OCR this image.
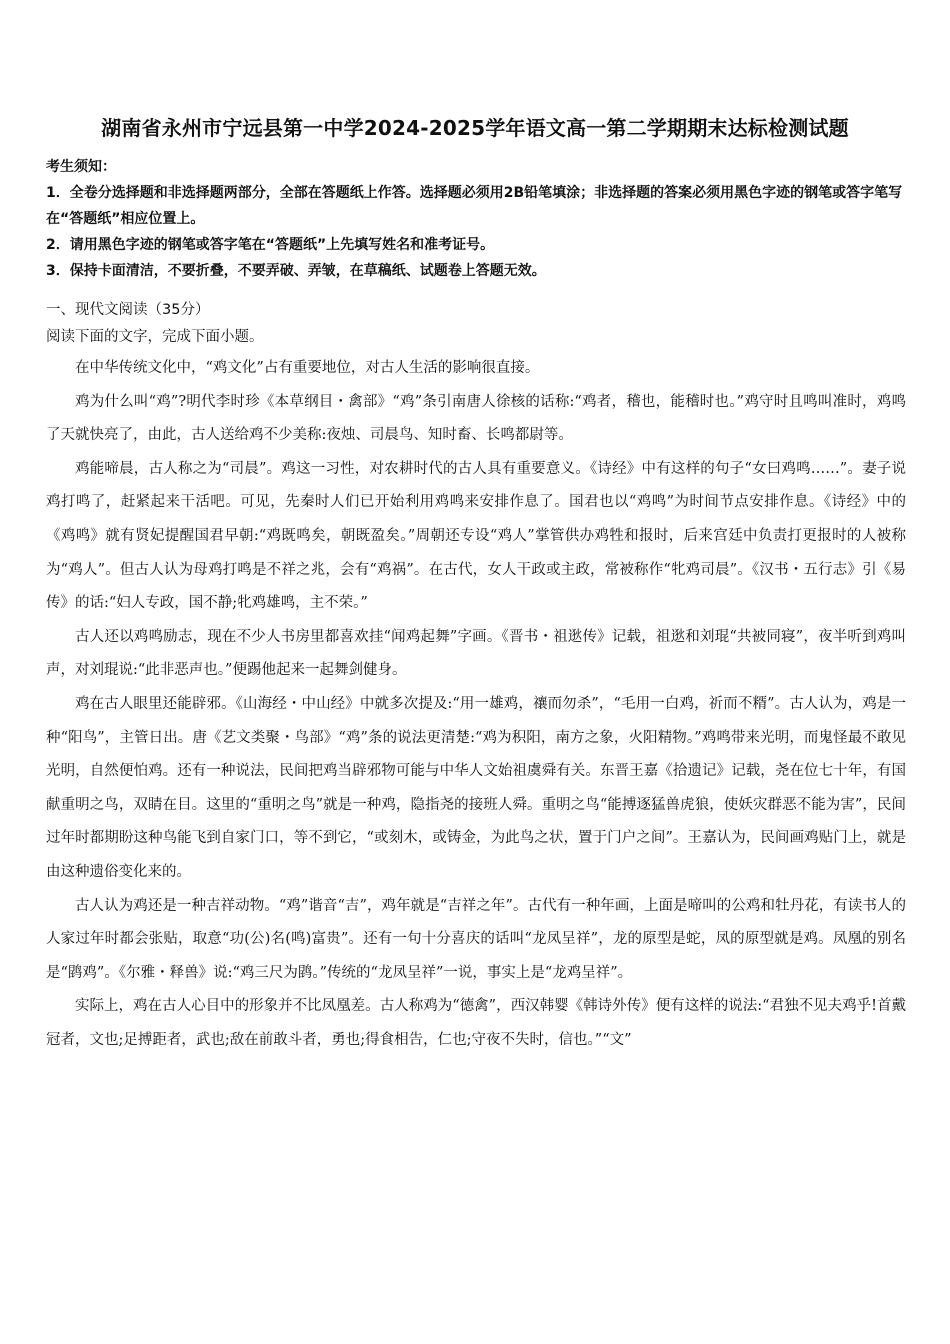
湖南省永州市宁远县第一中学2024-2025学年语文高一第二学期期末达标检测试题
考生须知：
1．全卷分选择题和非选择题两部分，全部在答题纸上作答。选择题必须用2B铅笔填涂；非选择题的答案必须用黑色字迹的钢笔或答字笔写在“答题纸”相应位置上。
2．请用黑色字迹的钢笔或答字笔在“答题纸”上先填写姓名和准考证号。
3．保持卡面清洁，不要折叠，不要弄破、弄皱，在草稿纸、试题卷上答题无效。
一、现代文阅读（35分）
阅读下面的文字，完成下面小题。

在中华传统文化中，“鸡文化”占有重要地位，对古人生活的影响很直接。

鸡为什么叫“鸡”?明代李时珍《本草纲目・禽部》“鸡”条引南唐人徐核的话称:“鸡者，稽也，能稽时也。”鸡守时且鸣叫准时，鸡鸣了天就快亮了，由此，古人送给鸡不少美称:夜烛、司晨鸟、知时畜、长鸣都尉等。

鸡能啼晨，古人称之为“司晨”。鸡这一习性，对农耕时代的古人具有重要意义。《诗经》中有这样的句子“女曰鸡鸣……”。妻子说鸡打鸣了，赶紧起来干活吧。可见，先秦时人们已开始利用鸡鸣来安排作息了。国君也以“鸡鸣”为时间节点安排作息。《诗经》中的《鸡鸣》就有贤妃提醒国君早朝:“鸡既鸣矣，朝既盈矣。”周朝还专设“鸡人”掌管供办鸡牲和报时，后来宫廷中负责打更报时的人被称为“鸡人”。但古人认为母鸡打鸣是不祥之兆，会有“鸡祸”。在古代，女人干政或主政，常被称作“牝鸡司晨”。《汉书・五行志》引《易传》的话:“妇人专政，国不静;牝鸡雄鸣，主不荣。”

古人还以鸡鸣励志，现在不少人书房里都喜欢挂“闻鸡起舞”字画。《晋书・祖逖传》记载，祖逖和刘琨“共被同寝”，夜半听到鸡叫声，对刘琨说:“此非恶声也。”便踢他起来一起舞剑健身。

鸡在古人眼里还能辟邪。《山海经・中山经》中就多次提及:“用一雄鸡，禳而勿杀”，“毛用一白鸡，祈而不糈”。古人认为，鸡是一种“阳鸟”，主管日出。唐《艺文类聚・鸟部》“鸡”条的说法更清楚:“鸡为积阳，南方之象，火阳精物。”鸡鸣带来光明，而鬼怪最不敢见光明，自然便怕鸡。还有一种说法，民间把鸡当辟邪物可能与中华人文始祖虞舜有关。东晋王嘉《拾遗记》记载，尧在位七十年，有国献重明之鸟，双睛在目。这里的“重明之鸟”就是一种鸡，隐指尧的接班人舜。重明之鸟“能搏逐猛兽虎狼，使妖灾群恶不能为害”，民间过年时都期盼这种鸟能飞到自家门口，等不到它，“或刻木，或铸金，为此鸟之状，置于门户之间”。王嘉认为，民间画鸡贴门上，就是由这种遗俗变化来的。

古人认为鸡还是一种吉祥动物。“鸡”谐音“吉”，鸡年就是“吉祥之年”。古代有一种年画，上面是啼叫的公鸡和牡丹花，有读书人的人家过年时都会张贴，取意“功(公)名(鸣)富贵”。还有一句十分喜庆的话叫“龙凤呈祥”，龙的原型是蛇，凤的原型就是鸡。凤凰的别名是“鹍鸡”。《尔雅・释兽》说:“鸡三尺为鹍。”传统的“龙凤呈祥”一说，事实上是“龙鸡呈祥”。

实际上，鸡在古人心目中的形象并不比凤凰差。古人称鸡为“德禽”，西汉韩婴《韩诗外传》便有这样的说法:“君独不见夫鸡乎!首戴冠者，文也;足搏距者，武也;敌在前敢斗者，勇也;得食相告，仁也;守夜不失时，信也。”“文”
